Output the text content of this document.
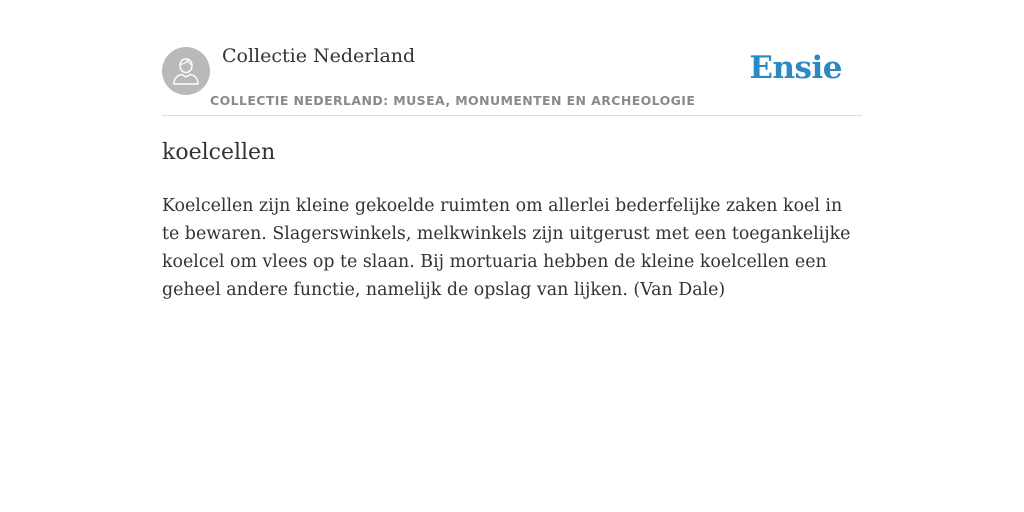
Collectie Nederland
COLLECTIE NEDERLAND: MUSEA, MONUMENTEN EN ARCHEOLOGIE
Ensie
koelcellen

Koelcellen zijn kleine gekoelde ruimten om allerlei bederfelijke zaken koel in te bewaren. Slagerswinkels, melkwinkels zijn uitgerust met een toegankelijke koelcel om vlees op te slaan. Bij mortuaria hebben de kleine koelcellen een geheel andere functie, namelijk de opslag van lijken. (Van Dale)
